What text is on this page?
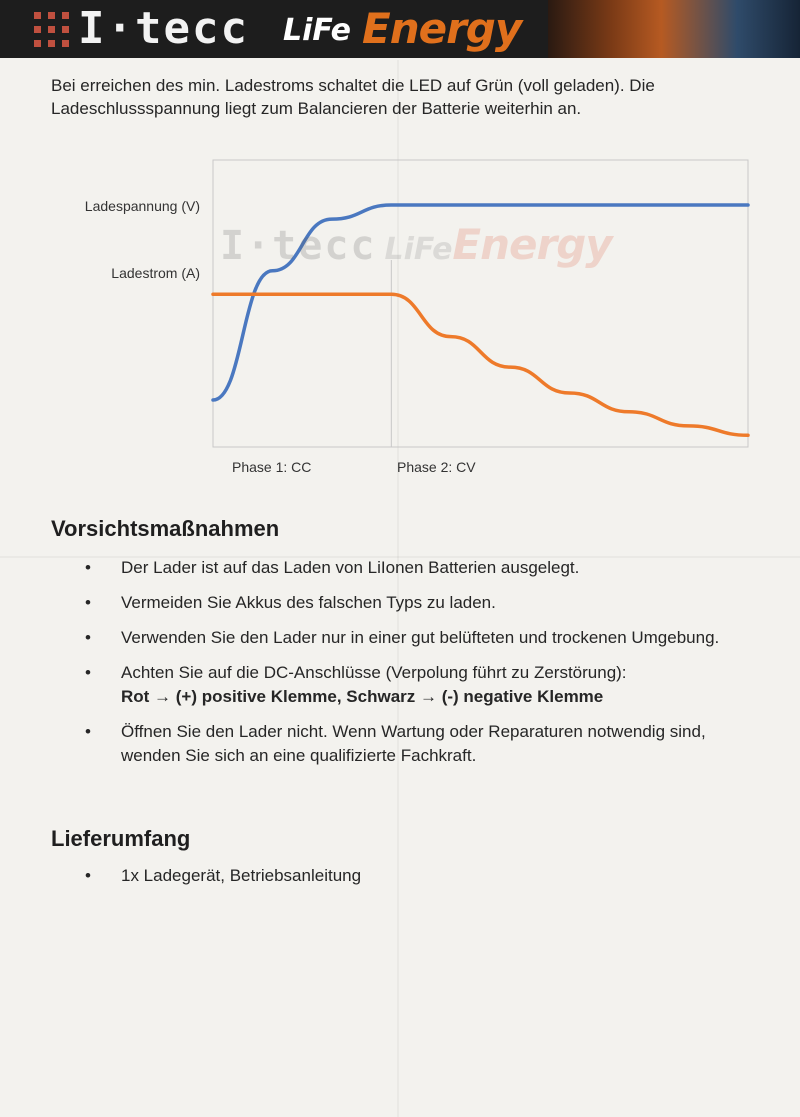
I·tecc LiFe Energy
Bei erreichen des min. Ladestroms schaltet die LED auf Grün (voll geladen). Die Ladeschlussspannung liegt zum Balancieren der Batterie weiterhin an.
I·tecc LiFeEnergy
Ladespannung (V)
Ladestrom (A)
Phase 1: CC	Phase 2: CV
Vorsichtsmaßnahmen
• Der Lader ist auf das Laden von LiIonen Batterien ausgelegt.
• Vermeiden Sie Akkus des falschen Typs zu laden.
• Verwenden Sie den Lader nur in einer gut belüfteten und trockenen Umgebung.
• Achten Sie auf die DC-Anschlüsse (Verpolung führt zu Zerstörung):
Rot → (+) positive Klemme, Schwarz → (-) negative Klemme
• Öffnen Sie den Lader nicht. Wenn Wartung oder Reparaturen notwendig sind, wenden Sie sich an eine qualifizierte Fachkraft.
Lieferumfang
• 1x Ladegerät, Betriebsanleitung
